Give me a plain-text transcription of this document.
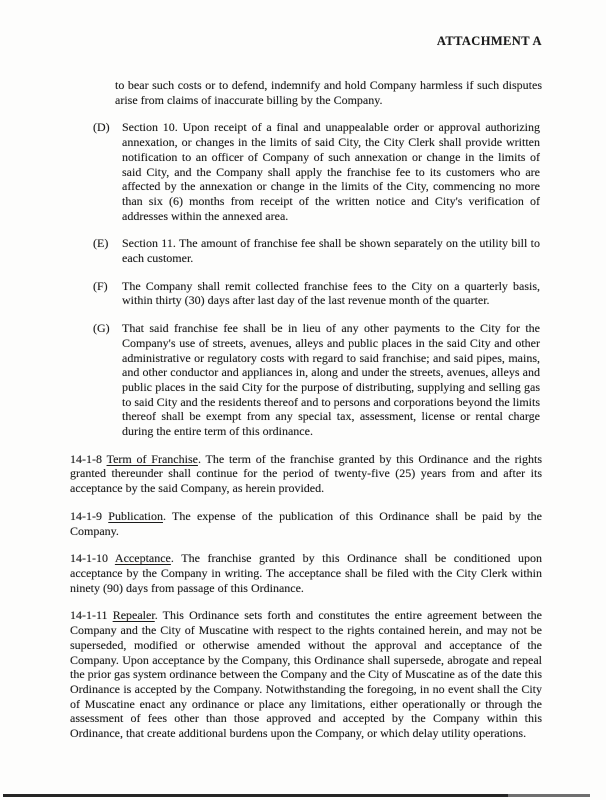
ATTACHMENT A

to bear such costs or to defend, indemnify and hold Company harmless if such disputes arise from claims of inaccurate billing by the Company.

(D) Section 10. Upon receipt of a final and unappealable order or approval authorizing annexation, or changes in the limits of said City, the City Clerk shall provide written notification to an officer of Company of such annexation or change in the limits of said City, and the Company shall apply the franchise fee to its customers who are affected by the annexation or change in the limits of the City, commencing no more than six (6) months from receipt of the written notice and City's verification of addresses within the annexed area.

(E) Section 11. The amount of franchise fee shall be shown separately on the utility bill to each customer.

(F) The Company shall remit collected franchise fees to the City on a quarterly basis, within thirty (30) days after last day of the last revenue month of the quarter.

(G) That said franchise fee shall be in lieu of any other payments to the City for the Company's use of streets, avenues, alleys and public places in the said City and other administrative or regulatory costs with regard to said franchise; and said pipes, mains, and other conductor and appliances in, along and under the streets, avenues, alleys and public places in the said City for the purpose of distributing, supplying and selling gas to said City and the residents thereof and to persons and corporations beyond the limits thereof shall be exempt from any special tax, assessment, license or rental charge during the entire term of this ordinance.

14-1-8 Term of Franchise. The term of the franchise granted by this Ordinance and the rights granted thereunder shall continue for the period of twenty-five (25) years from and after its acceptance by the said Company, as herein provided.

14-1-9 Publication. The expense of the publication of this Ordinance shall be paid by the Company.

14-1-10 Acceptance. The franchise granted by this Ordinance shall be conditioned upon acceptance by the Company in writing. The acceptance shall be filed with the City Clerk within ninety (90) days from passage of this Ordinance.

14-1-11 Repealer. This Ordinance sets forth and constitutes the entire agreement between the Company and the City of Muscatine with respect to the rights contained herein, and may not be superseded, modified or otherwise amended without the approval and acceptance of the Company. Upon acceptance by the Company, this Ordinance shall supersede, abrogate and repeal the prior gas system ordinance between the Company and the City of Muscatine as of the date this Ordinance is accepted by the Company. Notwithstanding the foregoing, in no event shall the City of Muscatine enact any ordinance or place any limitations, either operationally or through the assessment of fees other than those approved and accepted by the Company within this Ordinance, that create additional burdens upon the Company, or which delay utility operations.
